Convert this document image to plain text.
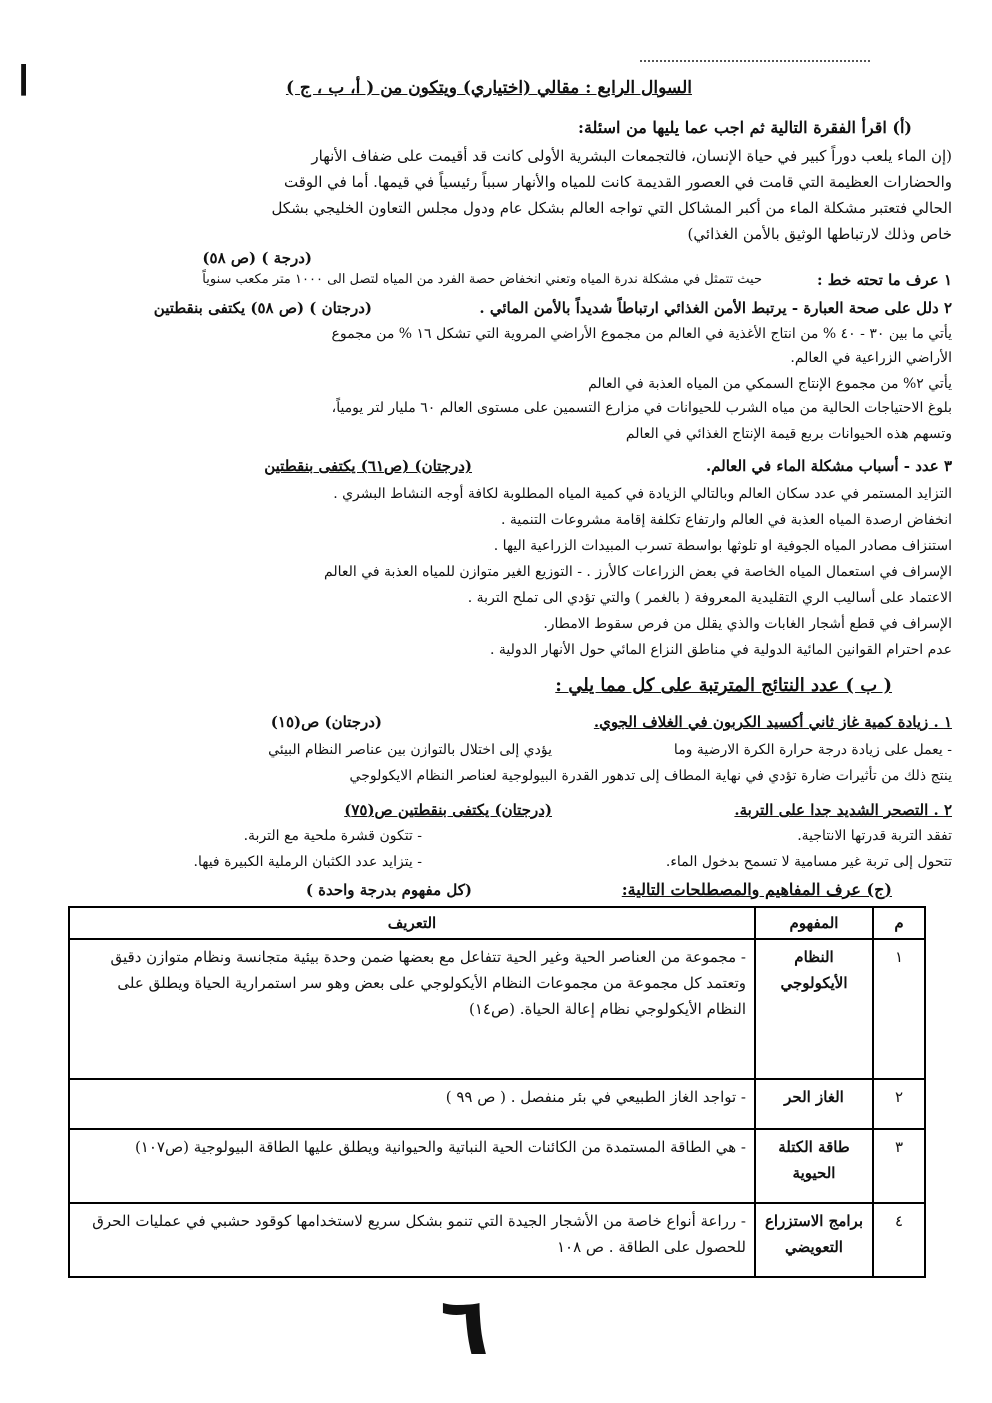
ا	السوال الرابع : مقالي (اختياري) ويتكون من ( أ، ب ، ج )
(أ) اقرأ الفقرة التالية ثم اجب عما يليها من اسئلة:
(إن الماء يلعب دوراً كبير في حياة الإنسان، فالتجمعات البشرية الأولى كانت قد أقيمت على ضفاف الأنهار
والحضارات العظيمة التي قامت في العصور القديمة كانت للمياه والأنهار سبباً رئيسياً في قيمها. أما في الوقت
الحالي فتعتبر مشكلة الماء من أكبر المشاكل التي تواجه العالم بشكل عام ودول مجلس التعاون الخليجي بشكل
خاص وذلك لارتباطها الوثيق بالأمن الغذائي)
(درجة ) (ص ٥٨)
١ عرف ما تحته خط :
حيث تتمثل في مشكلة ندرة المياه وتعني انخفاض حصة الفرد من المياه لتصل الى ١٠٠٠ متر مكعب سنوياً
٢ دلل على صحة العبارة - يرتبط الأمن الغذائي ارتباطاً شديداً بالأمن المائي .
(درجتان ) (ص ٥٨) يكتفى بنقطتين
يأتي ما بين ٣٠ - ٤٠ % من انتاج الأغذية في العالم من مجموع الأراضي المروية التي تشكل ١٦ % من مجموع
الأراضي الزراعية في العالم.
يأتي ٢% من مجموع الإنتاج السمكي من المياه العذبة في العالم
بلوغ الاحتياجات الحالية من مياه الشرب للحيوانات في مزارع التسمين على مستوى العالم ٦٠ مليار لتر يومياً،
وتسهم هذه الحيوانات بربع قيمة الإنتاج الغذائي في العالم
٣ عدد - أسباب مشكلة الماء في العالم.
(درجتان) (ص٦١) يكتفى بنقطتين
التزايد المستمر في عدد سكان العالم وبالتالي الزيادة في كمية المياه المطلوبة لكافة أوجه النشاط البشري .
انخفاض ارصدة المياه العذبة في العالم وارتفاع تكلفة إقامة مشروعات التنمية .
استنزاف مصادر المياه الجوفية او تلوثها بواسطة تسرب المبيدات الزراعية اليها .
الإسراف في استعمال المياه الخاصة في بعض الزراعات كالأرز . - التوزيع الغير متوازن للمياه العذبة في العالم
الاعتماد على أساليب الري التقليدية المعروفة ( بالغمر ) والتي تؤدي الى تملح التربة .
الإسراف في قطع أشجار الغابات والذي يقلل من فرص سقوط الامطار.
عدم احترام القوانين المائية الدولية في مناطق النزاع المائي حول الأنهار الدولية .
( ب ) عدد النتائج المترتبة على كل مما يلي :
١ . زيادة كمية غاز ثاني أكسيد الكربون في الغلاف الجوي.
(درجتان) ص(١٥)
يؤدي إلى اختلال بالتوازن بين عناصر النظام البيئي	- يعمل على زيادة درجة حرارة الكرة الارضية وما
ينتج ذلك من تأثيرات ضارة تؤدي في نهاية المطاف إلى تدهور القدرة البيولوجية لعناصر النظام الايكولوجي
٢ . التصحر الشديد جدا على التربة.
(درجتان) يكتفى بنقطتين ص(٧٥)
تفقد التربة قدرتها الانتاجية.
- تتكون قشرة ملحية مع التربة.
تتحول إلى تربة غير مسامية لا تسمح بدخول الماء.
- يتزايد عدد الكثبان الرملية الكبيرة فيها.
(ج) عرف المفاهيم والمصطلحات التالية:
(كل مفهوم بدرجة واحدة )
م	المفهوم	التعريف
١	النظام الأيكولوجي	- مجموعة من العناصر الحية وغير الحية تتفاعل مع بعضها ضمن وحدة بيئية متجانسة ونظام متوازن دقيق وتعتمد كل مجموعة من مجموعات النظام الأيكولوجي على بعض وهو سر استمرارية الحياة ويطلق على النظام الأيكولوجي نظام إعالة الحياة. (ص١٤)
٢	الغاز الحر	- تواجد الغاز الطبيعي في بئر منفصل . ( ص ٩٩ )
٣	طاقة الكتلة الحيوية	- هي الطاقة المستمدة من الكائنات الحية النباتية والحيوانية ويطلق عليها الطاقة البيولوجية (ص١٠٧)
٤	برامج الاستزراع التعويضي	- رراعة أنواع خاصة من الأشجار الجيدة التي تنمو بشكل سريع لاستخدامها كوقود حشبي في عمليات الحرق للحصول على الطاقة . ص ١٠٨
٦
